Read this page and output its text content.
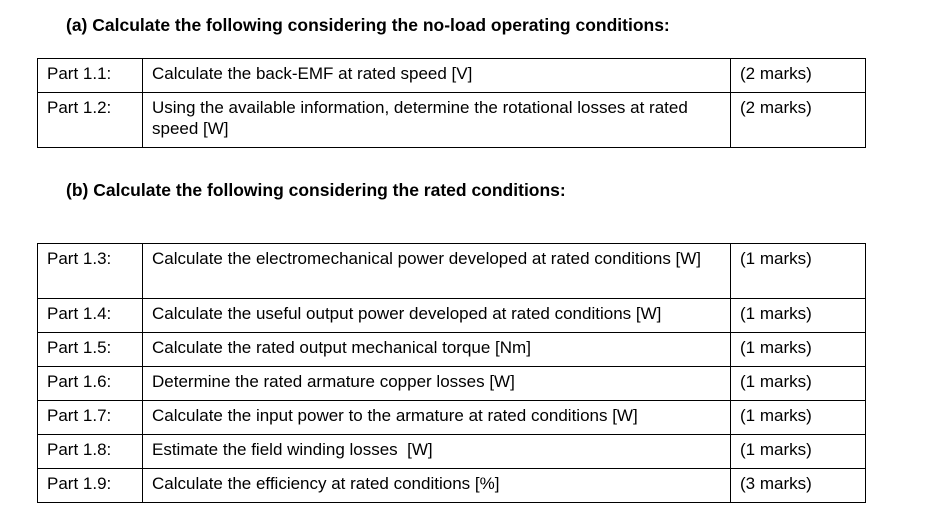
(a) Calculate the following considering the no-load operating conditions:
Part 1.1:	Calculate the back-EMF at rated speed [V]	(2 marks)
Part 1.2:	Using the available information, determine the rotational losses at rated speed [W]	(2 marks)
(b) Calculate the following considering the rated conditions:
Part 1.3:	Calculate the electromechanical power developed at rated conditions [W]	(1 marks)
Part 1.4:	Calculate the useful output power developed at rated conditions [W]	(1 marks)
Part 1.5:	Calculate the rated output mechanical torque [Nm]	(1 marks)
Part 1.6:	Determine the rated armature copper losses [W]	(1 marks)
Part 1.7:	Calculate the input power to the armature at rated conditions [W]	(1 marks)
Part 1.8:	Estimate the field winding losses  [W]	(1 marks)
Part 1.9:	Calculate the efficiency at rated conditions [%]	(3 marks)
